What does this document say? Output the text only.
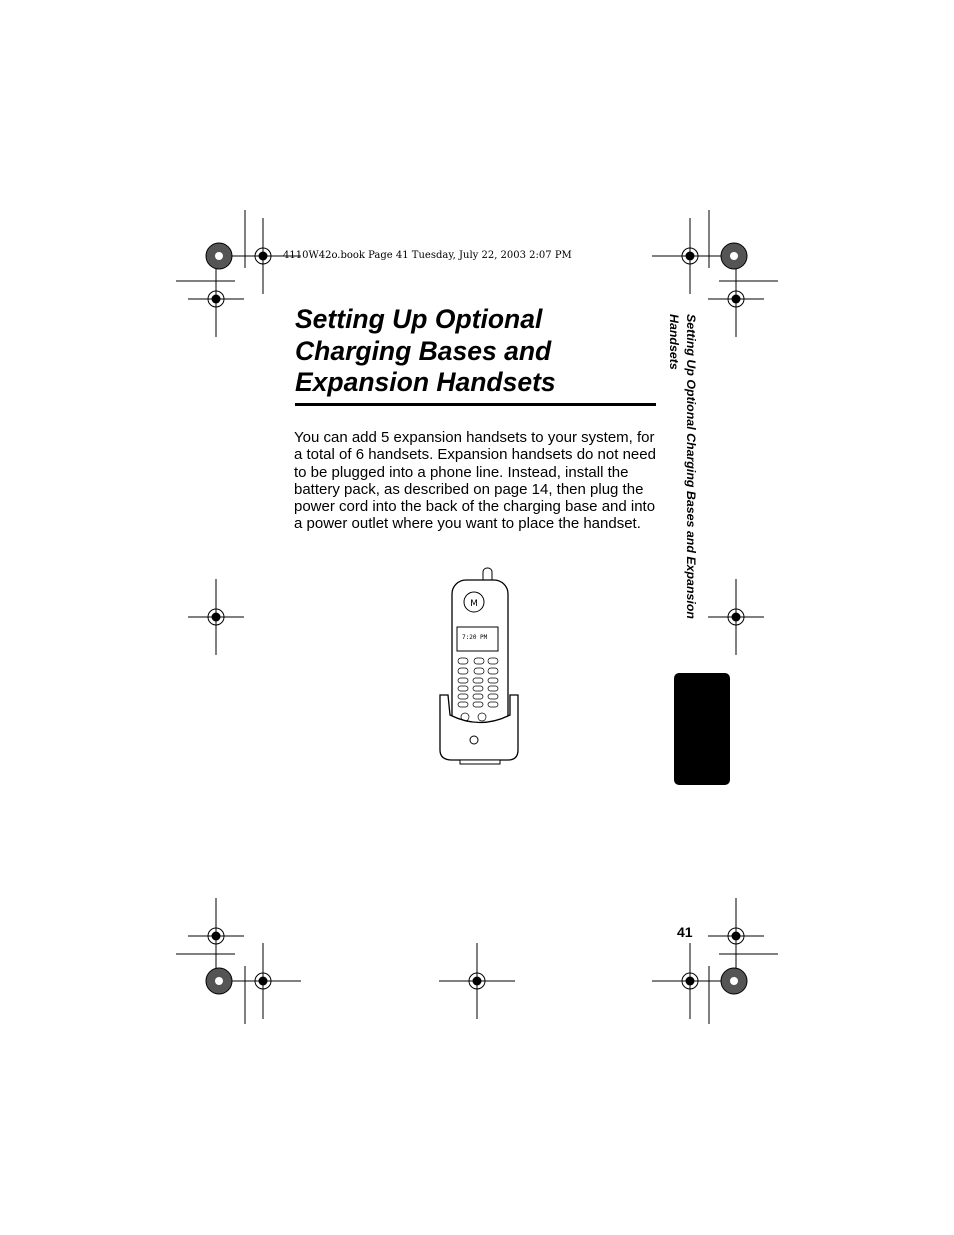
4110W42o.book Page 41 Tuesday, July 22, 2003 2:07 PM
Setting Up Optional
Charging Bases and
Expansion Handsets

You can add 5 expansion handsets to your system, for a total of 6 handsets. Expansion handsets do not need to be plugged into a phone line. Instead, install the battery pack, as described on page 14, then plug the power cord into the back of the charging base and into a power outlet where you want to place the handset.

M
7:20 PM
Setting Up Optional Charging Bases and Expansion Handsets
41
